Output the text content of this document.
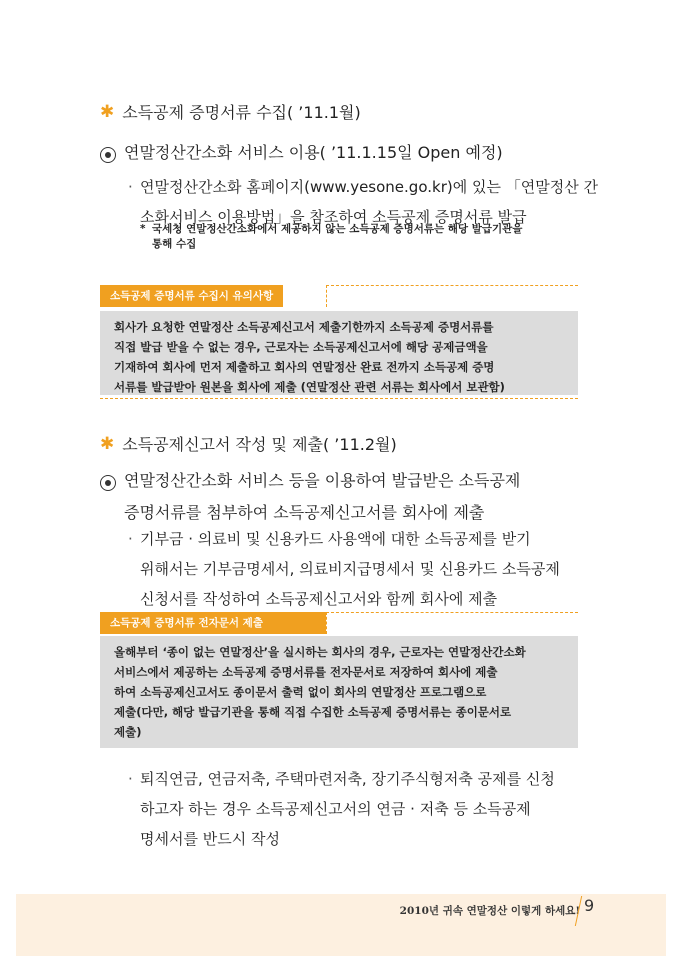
✱ 소득공제 증명서류 수집( ’11.1월)
연말정산간소화 서비스 이용( ’11.1.15일 Open 예정)
· 연말정산간소화 홈페이지(www.yesone.go.kr)에 있는 「연말정산 간
소화서비스 이용방법」을 참조하여 소득공제 증명서류 발급
* 국세청 연말정산간소화에서 제공하지 않는 소득공제 증명서류는 해당 발급기관을
통해 수집
소득공제 증명서류 수집시 유의사항
회사가 요청한 연말정산 소득공제신고서 제출기한까지 소득공제 증명서류를
직접 발급 받을 수 없는 경우, 근로자는 소득공제신고서에 해당 공제금액을
기재하여 회사에 먼저 제출하고 회사의 연말정산 완료 전까지 소득공제 증명
서류를 발급받아 원본을 회사에 제출 (연말정산 관련 서류는 회사에서 보관함)
✱ 소득공제신고서 작성 및 제출( ’11.2월)
연말정산간소화 서비스 등을 이용하여 발급받은 소득공제
증명서류를 첨부하여 소득공제신고서를 회사에 제출
· 기부금 · 의료비 및 신용카드 사용액에 대한 소득공제를 받기
위해서는 기부금명세서, 의료비지급명세서 및 신용카드 소득공제
신청서를 작성하여 소득공제신고서와 함께 회사에 제출
소득공제 증명서류 전자문서 제출
올해부터 ‘종이 없는 연말정산’을 실시하는 회사의 경우, 근로자는 연말정산간소화
서비스에서 제공하는 소득공제 증명서류를 전자문서로 저장하여 회사에 제출
하여 소득공제신고서도 종이문서 출력 없이 회사의 연말정산 프로그램으로
제출(다만, 해당 발급기관을 통해 직접 수집한 소득공제 증명서류는 종이문서로
제출)
· 퇴직연금, 연금저축, 주택마련저축, 장기주식형저축 공제를 신청
하고자 하는 경우 소득공제신고서의 연금 · 저축 등 소득공제
명세서를 반드시 작성
2010년 귀속 연말정산 이렇게 하세요! 9
